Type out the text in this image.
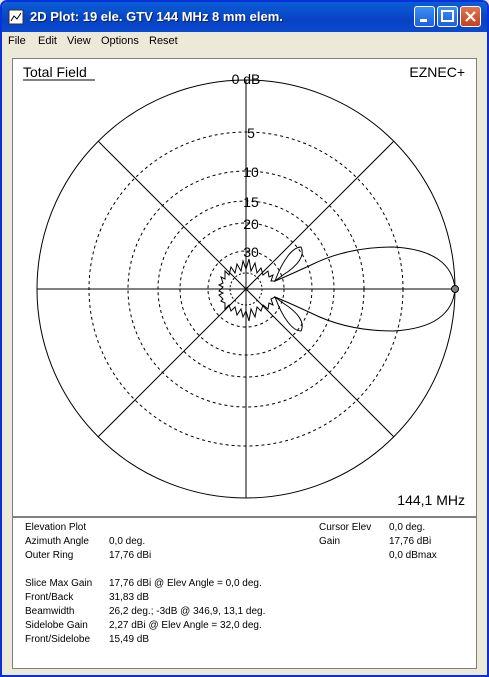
2D Plot: 19 ele. GTV 144 MHz 8 mm elem.
File Edit View Options Reset
0 dB
5
10
15
20
30
Total Field	EZNEC+
144,1 MHz
Elevation Plot
Azimuth Angle 0,0 deg.
Outer Ring	17,76 dBi
Cursor Elev 0,0 deg.
Gain	17,76 dBi
0,0 dBmax
Slice Max Gain 17,76 dBi @ Elev Angle = 0,0 deg.
Front/Back	31,83 dB
Beamwidth	26,2 deg.; -3dB @ 346,9, 13,1 deg.
Sidelobe Gain 2,27 dBi @ Elev Angle = 32,0 deg.
Front/Sidelobe 15,49 dB
